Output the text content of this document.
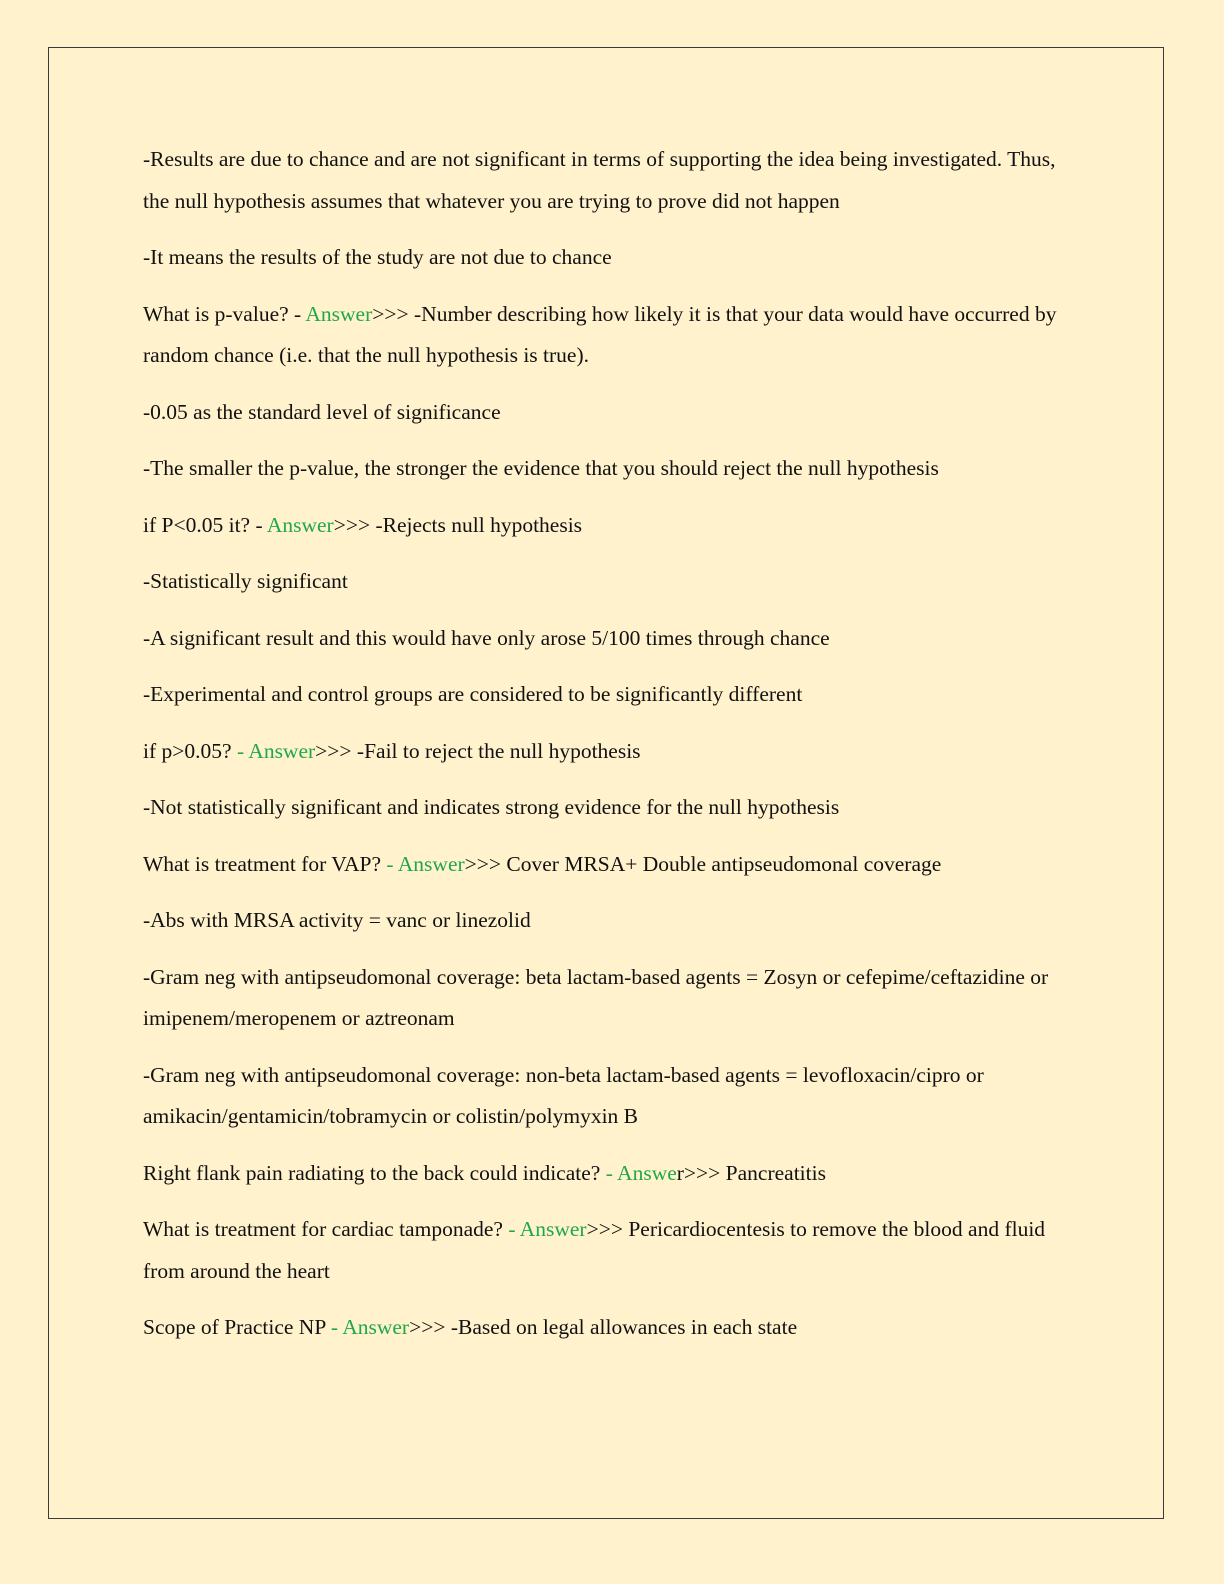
-Results are due to chance and are not significant in terms of supporting the idea being investigated. Thus, the null hypothesis assumes that whatever you are trying to prove did not happen

-It means the results of the study are not due to chance

What is p-value? - Answer>>> -Number describing how likely it is that your data would have occurred by random chance (i.e. that the null hypothesis is true).

-0.05 as the standard level of significance

-The smaller the p-value, the stronger the evidence that you should reject the null hypothesis

if P<0.05 it? - Answer>>> -Rejects null hypothesis

-Statistically significant

-A significant result and this would have only arose 5/100 times through chance

-Experimental and control groups are considered to be significantly different

if p>0.05? - Answer>>> -Fail to reject the null hypothesis

-Not statistically significant and indicates strong evidence for the null hypothesis

What is treatment for VAP? - Answer>>> Cover MRSA+ Double antipseudomonal coverage

-Abs with MRSA activity = vanc or linezolid

-Gram neg with antipseudomonal coverage: beta lactam-based agents = Zosyn or cefepime/ceftazidine or imipenem/meropenem or aztreonam

-Gram neg with antipseudomonal coverage: non-beta lactam-based agents = levofloxacin/cipro or amikacin/gentamicin/tobramycin or colistin/polymyxin B

Right flank pain radiating to the back could indicate? - Answer>>> Pancreatitis

What is treatment for cardiac tamponade? - Answer>>> Pericardiocentesis to remove the blood and fluid from around the heart

Scope of Practice NP - Answer>>> -Based on legal allowances in each state
